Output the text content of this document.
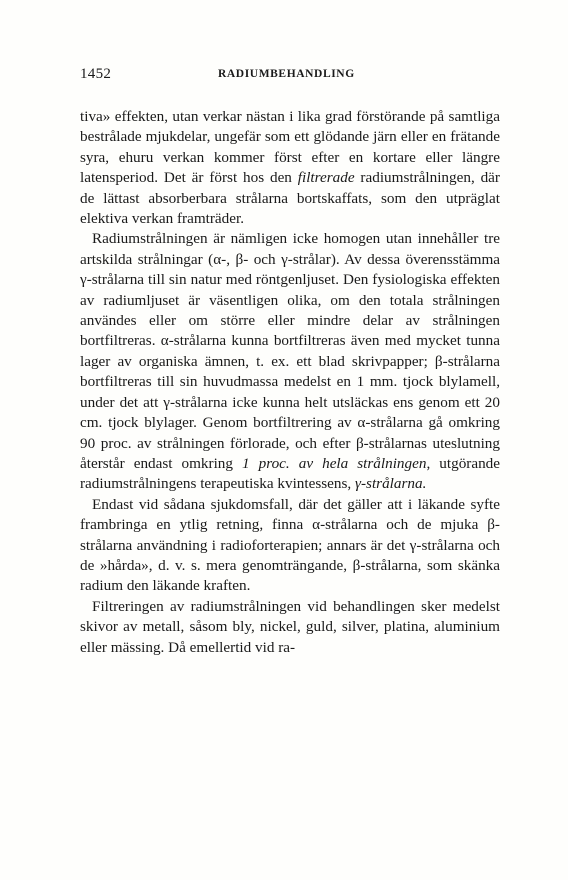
1452	RADIUMBEHANDLING

tiva» effekten, utan verkar nästan i lika grad förstörande på samtliga bestrålade mjukdelar, ungefär som ett glödande järn eller en frätande syra, ehuru verkan kommer först efter en kortare eller längre latensperiod. Det är först hos den filtrerade radiumstrålningen, där de lättast absorberbara strålarna bortskaffats, som den utpräglat elektiva verkan framträder.

Radiumstrålningen är nämligen icke homogen utan innehåller tre artskilda strålningar (α-, β- och γ-strålar). Av dessa överensstämma γ-strålarna till sin natur med röntgenljuset. Den fysiologiska effekten av radiumljuset är väsentligen olika, om den totala strålningen användes eller om större eller mindre delar av strålningen bortfiltreras. α-strålarna kunna bortfiltreras även med mycket tunna lager av organiska ämnen, t. ex. ett blad skrivpapper; β-strålarna bortfiltreras till sin huvudmassa medelst en 1 mm. tjock blylamell, under det att γ-strålarna icke kunna helt utsläckas ens genom ett 20 cm. tjock blylager. Genom bortfiltrering av α-strålarna gå omkring 90 proc. av strålningen förlorade, och efter β-strålarnas uteslutning återstår endast omkring 1 proc. av hela strålningen, utgörande radiumstrålningens terapeutiska kvintessens, γ-strålarna.

Endast vid sådana sjukdomsfall, där det gäller att i läkande syfte frambringa en ytlig retning, finna α-strålarna och de mjuka β-strålarna användning i radioforterapien; annars är det γ-strålarna och de »hårda», d. v. s. mera genomträngande, β-strålarna, som skänka radium den läkande kraften.

Filtreringen av radiumstrålningen vid behandlingen sker medelst skivor av metall, såsom bly, nickel, guld, silver, platina, aluminium eller mässing. Då emellertid vid ra-
